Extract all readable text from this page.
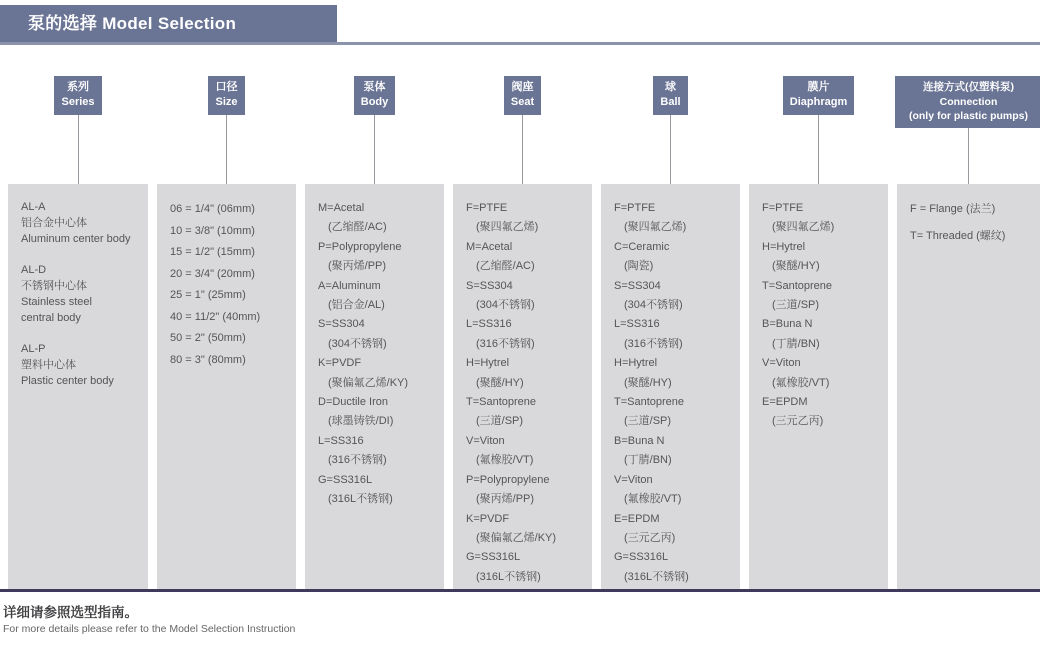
泵的选择 Model Selection
系列
Series
AL-A
铝合金中心体
Aluminum center body
AL-D
不锈钢中心体
Stainless steel
central body
AL-P
塑料中心体
Plastic center body
口径
Size
06 = 1/4" (06mm)
10 = 3/8" (10mm)
15 = 1/2" (15mm)
20 = 3/4" (20mm)
25 = 1" (25mm)
40 = 11/2" (40mm)
50 = 2" (50mm)
80 = 3" (80mm)
泵体
Body
M=Acetal
(乙缩醛/AC)
P=Polypropylene
(聚丙烯/PP)
A=Aluminum
(铝合金/AL)
S=SS304
(304不锈钢)
K=PVDF
(聚偏氟乙烯/KY)
D=Ductile Iron
(球墨铸铁/DI)
L=SS316
(316不锈钢)
G=SS316L
(316L不锈钢)
阀座
Seat
F=PTFE
(聚四氟乙烯)
M=Acetal
(乙缩醛/AC)
S=SS304
(304不锈钢)
L=SS316
(316不锈钢)
H=Hytrel
(聚醚/HY)
T=Santoprene
(三道/SP)
V=Viton
(氟橡胶/VT)
P=Polypropylene
(聚丙烯/PP)
K=PVDF
(聚偏氟乙烯/KY)
G=SS316L
(316L不锈钢)
球
Ball
F=PTFE
(聚四氟乙烯)
C=Ceramic
(陶瓷)
S=SS304
(304不锈钢)
L=SS316
(316不锈钢)
H=Hytrel
(聚醚/HY)
T=Santoprene
(三道/SP)
B=Buna N
(丁腈/BN)
V=Viton
(氟橡胶/VT)
E=EPDM
(三元乙丙)
G=SS316L
(316L不锈钢)
膜片
Diaphragm
F=PTFE
(聚四氟乙烯)
H=Hytrel
(聚醚/HY)
T=Santoprene
(三道/SP)
B=Buna N
(丁腈/BN)
V=Viton
(氟橡胶/VT)
E=EPDM
(三元乙丙)
连接方式(仅塑料泵)
Connection
(only for plastic pumps)
F = Flange (法兰)
T= Threaded (螺纹)
详细请参照选型指南。
For more details please refer to the Model Selection Instruction
